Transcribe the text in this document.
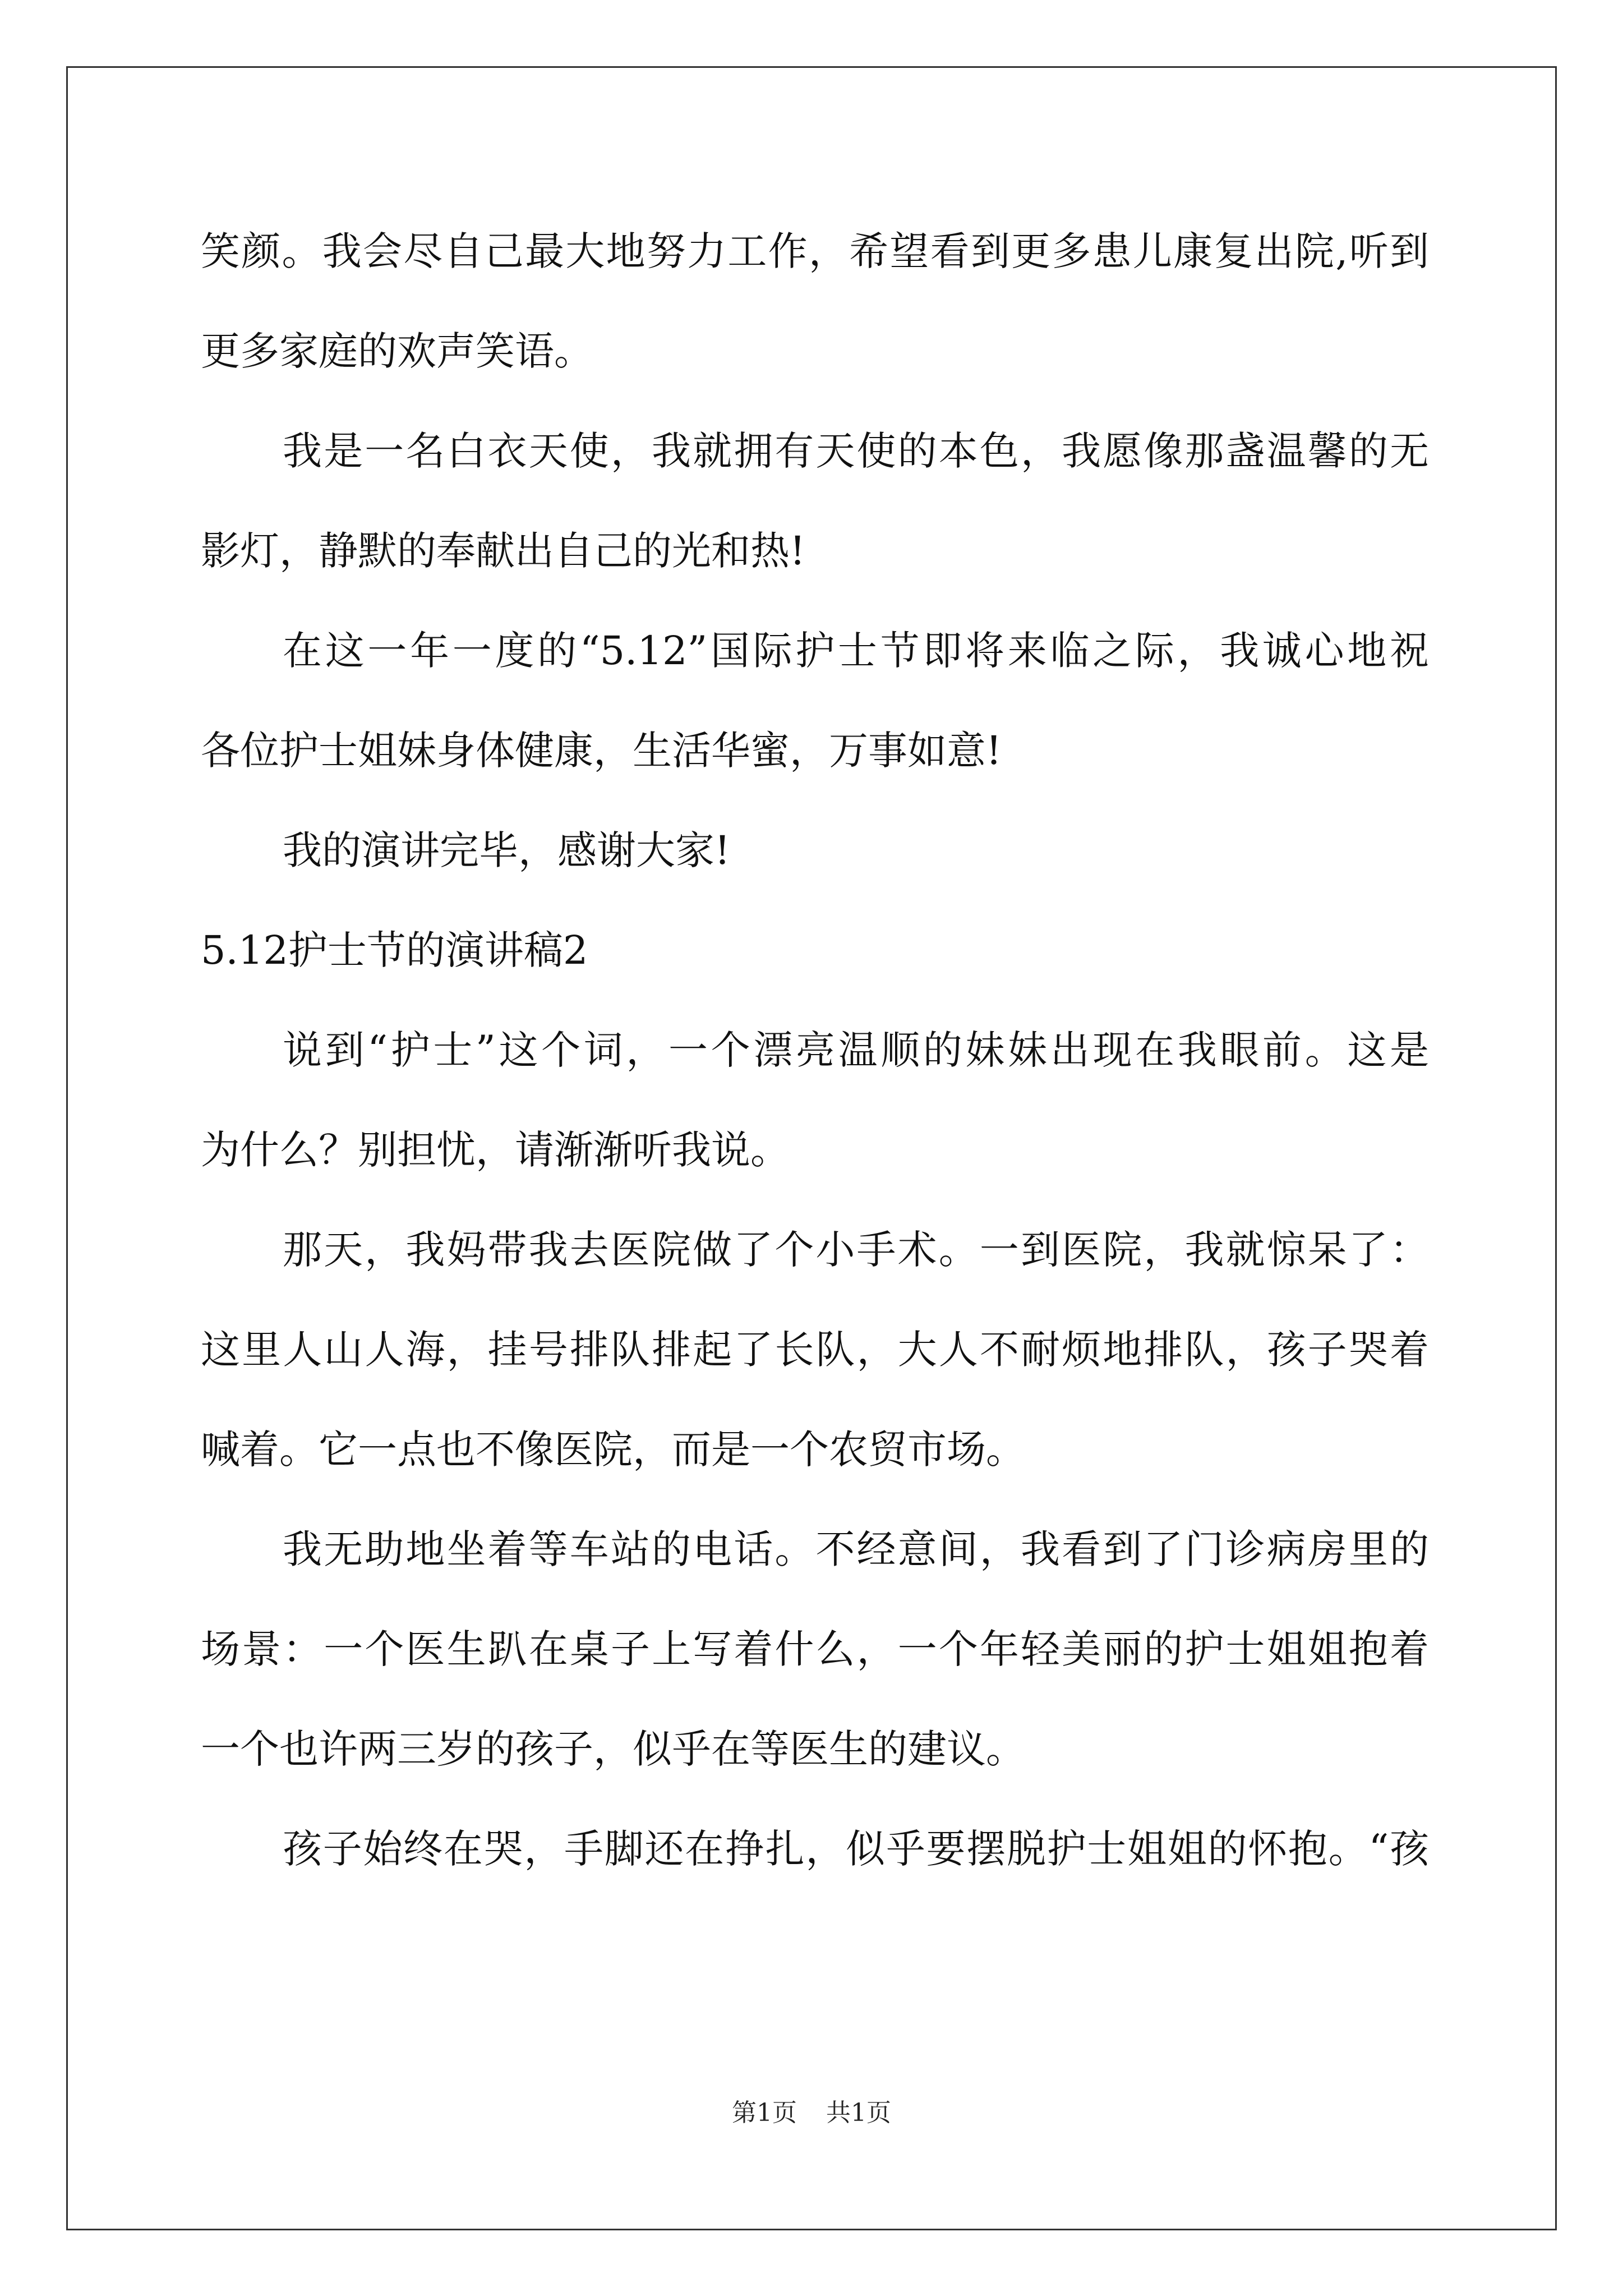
笑颜。我会尽自己最大地努力工作，希望看到更多患儿康复出院,听到
更多家庭的欢声笑语。
我是一名白衣天使，我就拥有天使的本色，我愿像那盏温馨的无
影灯，静默的奉献出自己的光和热!
在这一年一度的“5.12”国际护士节即将来临之际，我诚心地祝
各位护士姐妹身体健康，生活华蜜，万事如意!
我的演讲完毕，感谢大家!
5.12护士节的演讲稿2
说到“护士”这个词，一个漂亮温顺的妹妹出现在我眼前。这是
为什么？别担忧，请渐渐听我说。
那天，我妈带我去医院做了个小手术。一到医院，我就惊呆了：
这里人山人海，挂号排队排起了长队，大人不耐烦地排队，孩子哭着
喊着。它一点也不像医院，而是一个农贸市场。
我无助地坐着等车站的电话。不经意间，我看到了门诊病房里的
场景：一个医生趴在桌子上写着什么，一个年轻美丽的护士姐姐抱着
一个也许两三岁的孩子，似乎在等医生的建议。
孩子始终在哭，手脚还在挣扎，似乎要摆脱护士姐姐的怀抱。“孩
第1页 共1页
